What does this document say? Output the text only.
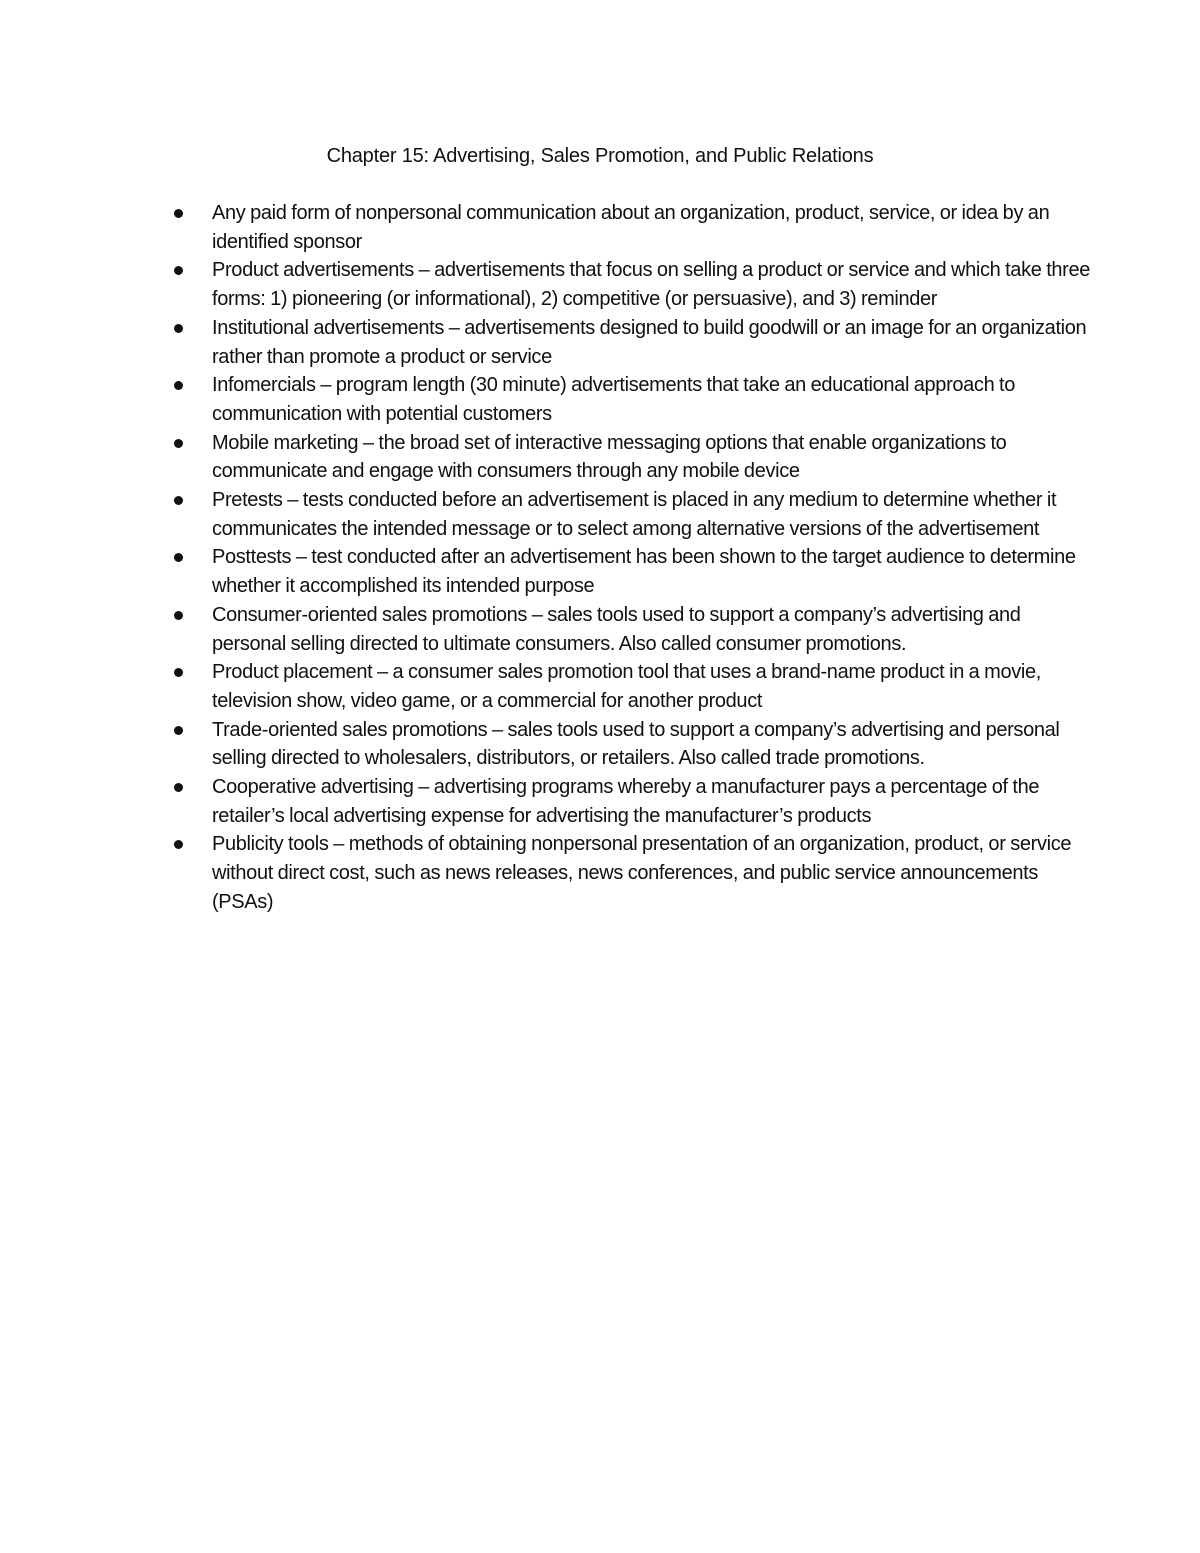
Chapter 15: Advertising, Sales Promotion, and Public Relations
Any paid form of nonpersonal communication about an organization, product, service, or idea by an identified sponsor
Product advertisements – advertisements that focus on selling a product or service and which take three forms: 1) pioneering (or informational), 2) competitive (or persuasive), and 3) reminder
Institutional advertisements – advertisements designed to build goodwill or an image for an organization rather than promote a product or service
Infomercials – program length (30 minute) advertisements that take an educational approach to communication with potential customers
Mobile marketing – the broad set of interactive messaging options that enable organizations to communicate and engage with consumers through any mobile device
Pretests – tests conducted before an advertisement is placed in any medium to determine whether it communicates the intended message or to select among alternative versions of the advertisement
Posttests – test conducted after an advertisement has been shown to the target audience to determine whether it accomplished its intended purpose
Consumer-oriented sales promotions – sales tools used to support a company’s advertising and personal selling directed to ultimate consumers. Also called consumer promotions.
Product placement – a consumer sales promotion tool that uses a brand-name product in a movie, television show, video game, or a commercial for another product
Trade-oriented sales promotions – sales tools used to support a company’s advertising and personal selling directed to wholesalers, distributors, or retailers. Also called trade promotions.
Cooperative advertising – advertising programs whereby a manufacturer pays a percentage of the retailer’s local advertising expense for advertising the manufacturer’s products
Publicity tools – methods of obtaining nonpersonal presentation of an organization, product, or service without direct cost, such as news releases, news conferences, and public service announcements (PSAs)
